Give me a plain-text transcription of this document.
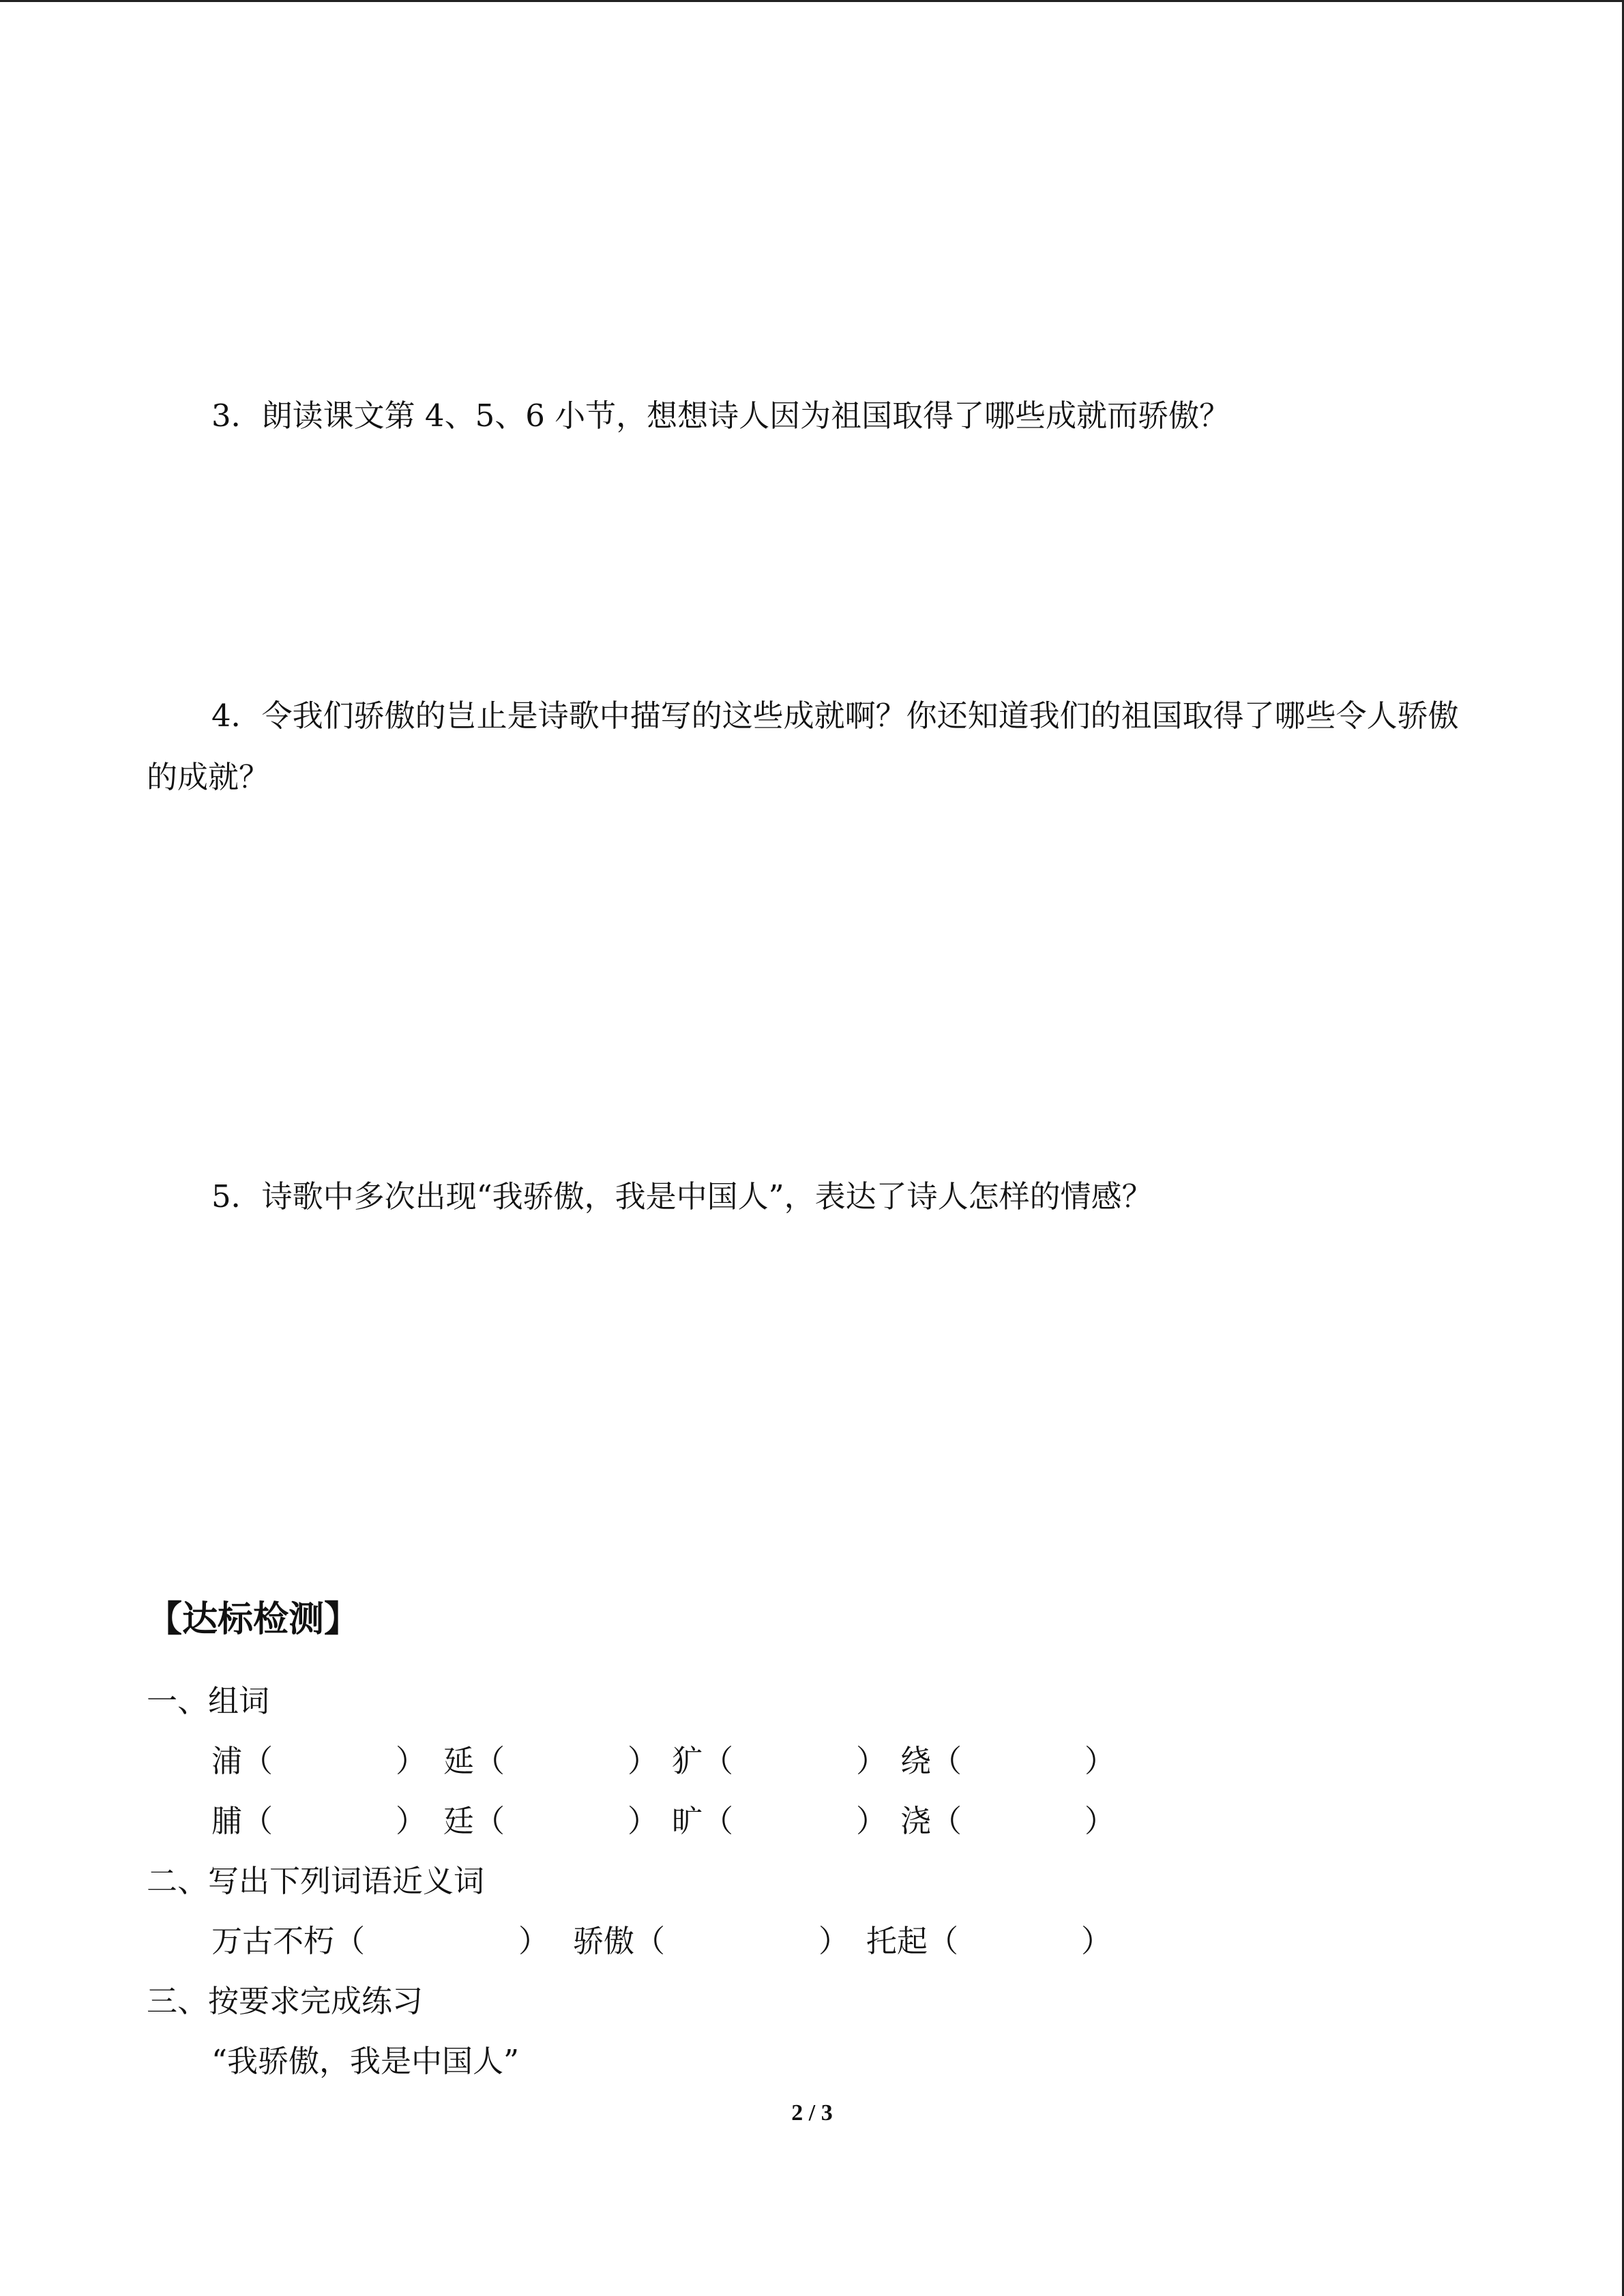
3．朗读课文第 4、5、6 小节，想想诗人因为祖国取得了哪些成就而骄傲？

4．令我们骄傲的岂止是诗歌中描写的这些成就啊？你还知道我们的祖国取得了哪些令人骄傲的成就？

5．诗歌中多次出现“我骄傲，我是中国人”，表达了诗人怎样的情感？

【达标检测】

一、组词

浦（　　　　） 延（　　　　） 犷（　　　　） 绕（　　　　）
脯（　　　　） 廷（　　　　） 旷（　　　　） 浇（　　　　）

二、写出下列词语近义词

万古不朽（　　　　　） 骄傲（　　　　　） 托起（　　　　）

三、按要求完成练习

“我骄傲，我是中国人”

2 / 3
